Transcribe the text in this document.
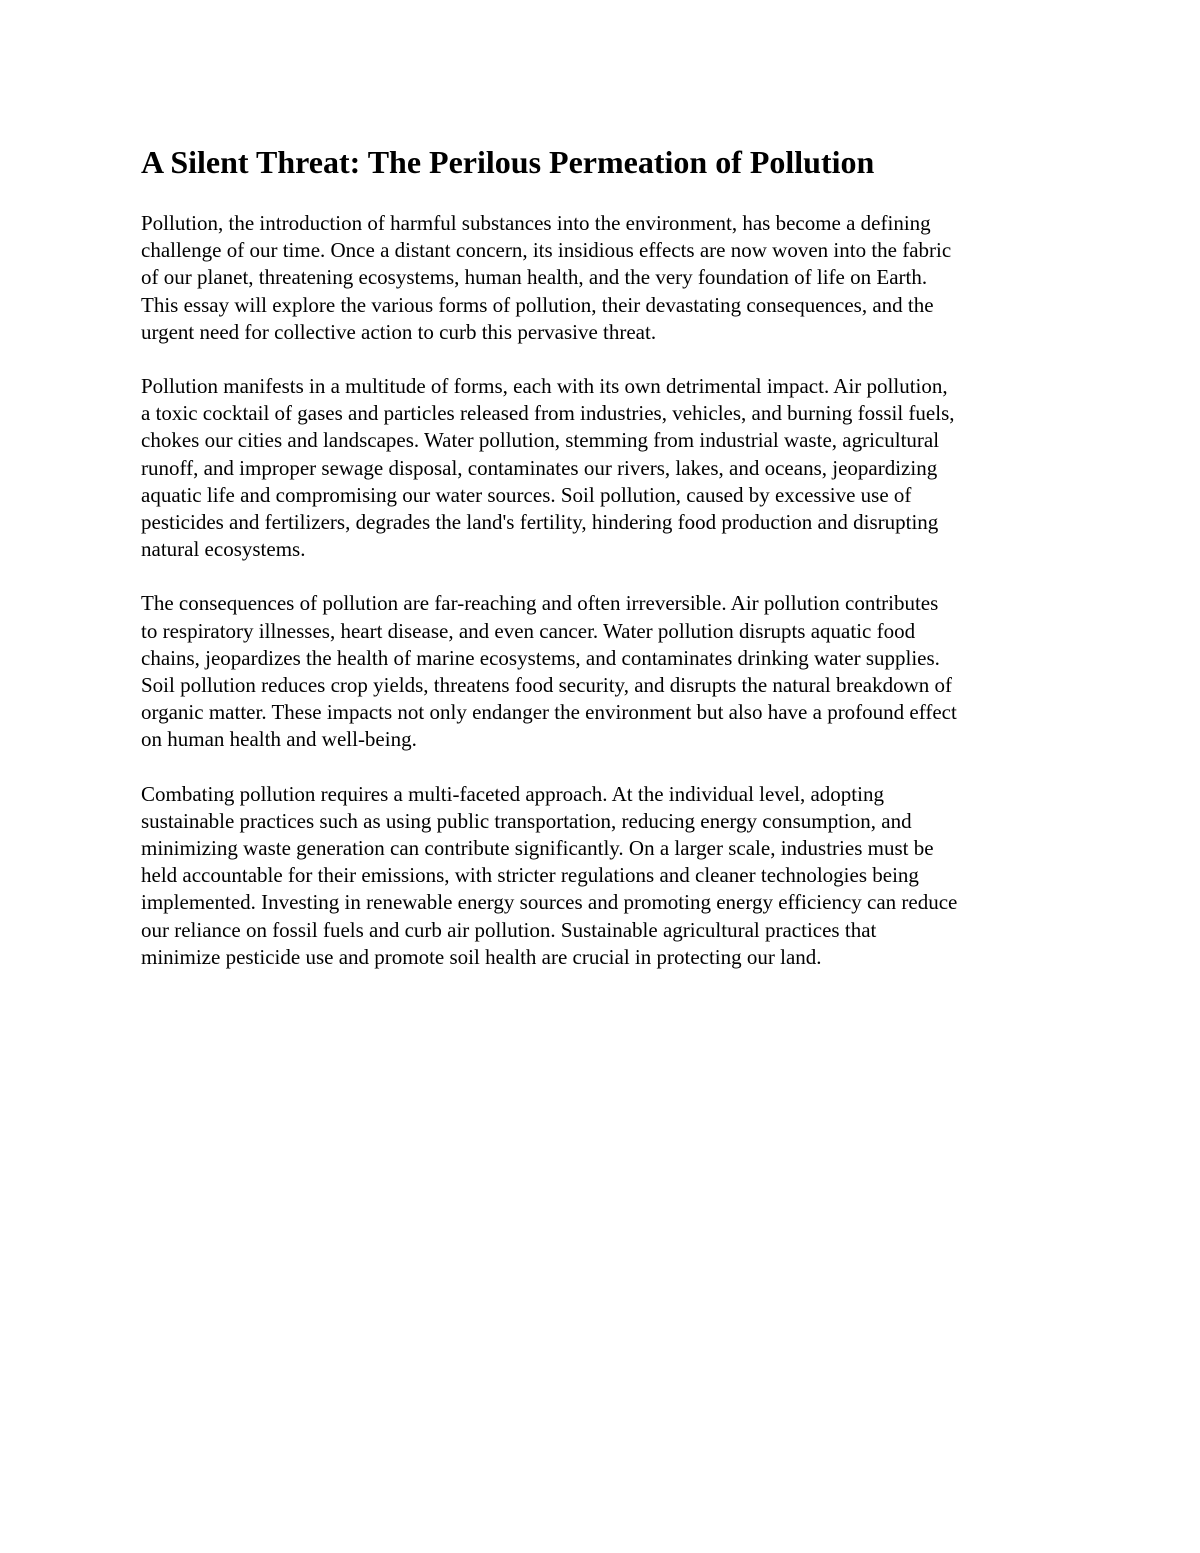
A Silent Threat: The Perilous Permeation of Pollution

Pollution, the introduction of harmful substances into the environment, has become a defining
challenge of our time. Once a distant concern, its insidious effects are now woven into the fabric
of our planet, threatening ecosystems, human health, and the very foundation of life on Earth.
This essay will explore the various forms of pollution, their devastating consequences, and the
urgent need for collective action to curb this pervasive threat.

Pollution manifests in a multitude of forms, each with its own detrimental impact. Air pollution,
a toxic cocktail of gases and particles released from industries, vehicles, and burning fossil fuels,
chokes our cities and landscapes. Water pollution, stemming from industrial waste, agricultural
runoff, and improper sewage disposal, contaminates our rivers, lakes, and oceans, jeopardizing
aquatic life and compromising our water sources. Soil pollution, caused by excessive use of
pesticides and fertilizers, degrades the land's fertility, hindering food production and disrupting
natural ecosystems.

The consequences of pollution are far-reaching and often irreversible. Air pollution contributes
to respiratory illnesses, heart disease, and even cancer. Water pollution disrupts aquatic food
chains, jeopardizes the health of marine ecosystems, and contaminates drinking water supplies.
Soil pollution reduces crop yields, threatens food security, and disrupts the natural breakdown of
organic matter. These impacts not only endanger the environment but also have a profound effect
on human health and well-being.

Combating pollution requires a multi-faceted approach. At the individual level, adopting
sustainable practices such as using public transportation, reducing energy consumption, and
minimizing waste generation can contribute significantly. On a larger scale, industries must be
held accountable for their emissions, with stricter regulations and cleaner technologies being
implemented. Investing in renewable energy sources and promoting energy efficiency can reduce
our reliance on fossil fuels and curb air pollution. Sustainable agricultural practices that
minimize pesticide use and promote soil health are crucial in protecting our land.
